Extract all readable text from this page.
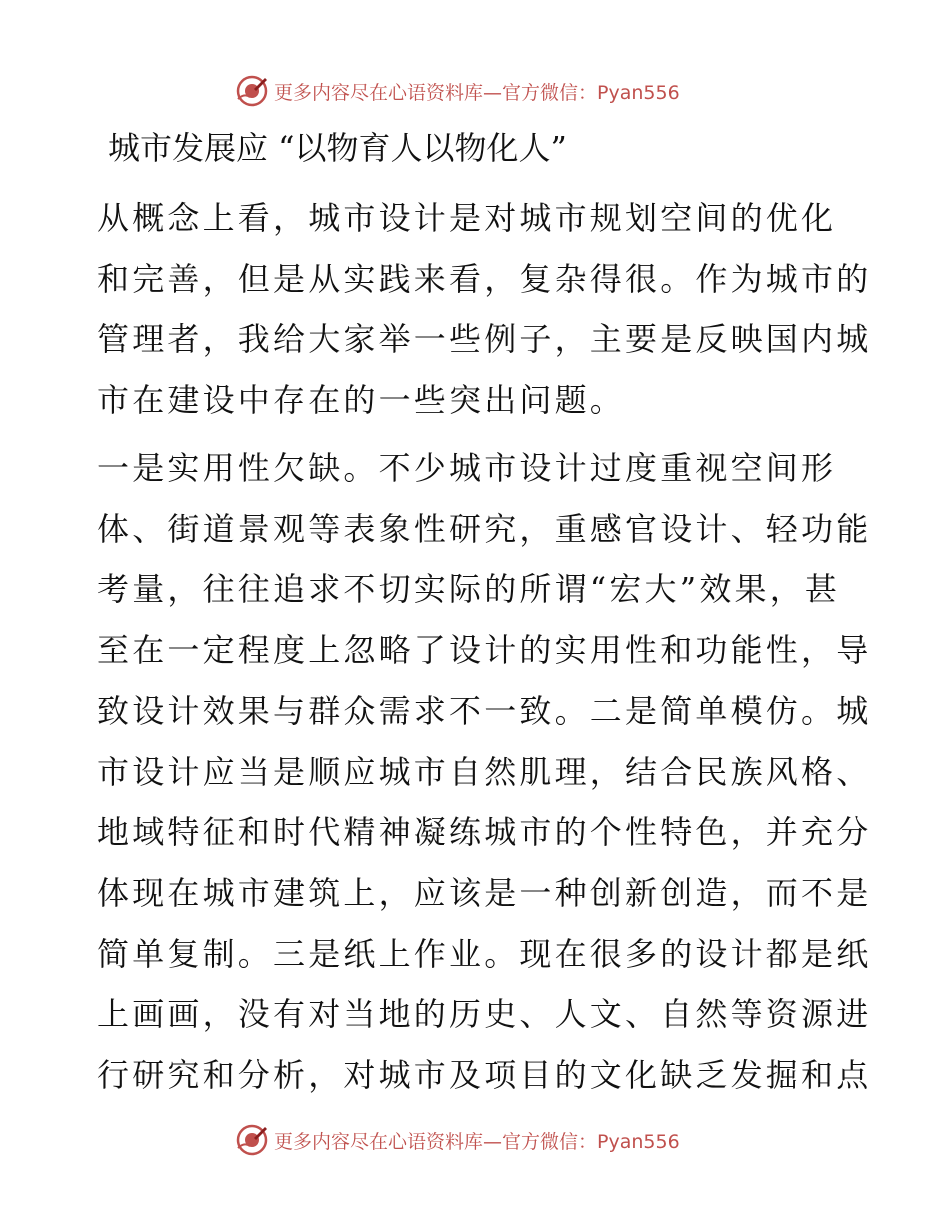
更多内容尽在心语资料库—官方微信：Pyan556
城市发展应 “以物育人以物化人”
从概念上看，城市设计是对城市规划空间的优化
和完善，但是从实践来看，复杂得很。作为城市的
管理者，我给大家举一些例子，主要是反映国内城
市在建设中存在的一些突出问题。
一是实用性欠缺。不少城市设计过度重视空间形
体、街道景观等表象性研究，重感官设计、轻功能
考量，往往追求不切实际的所谓“宏大”效果，甚
至在一定程度上忽略了设计的实用性和功能性，导
致设计效果与群众需求不一致。二是简单模仿。城
市设计应当是顺应城市自然肌理，结合民族风格、
地域特征和时代精神凝练城市的个性特色，并充分
体现在城市建筑上，应该是一种创新创造，而不是
简单复制。三是纸上作业。现在很多的设计都是纸
上画画，没有对当地的历史、人文、自然等资源进
行研究和分析，对城市及项目的文化缺乏发掘和点
更多内容尽在心语资料库—官方微信：Pyan556
